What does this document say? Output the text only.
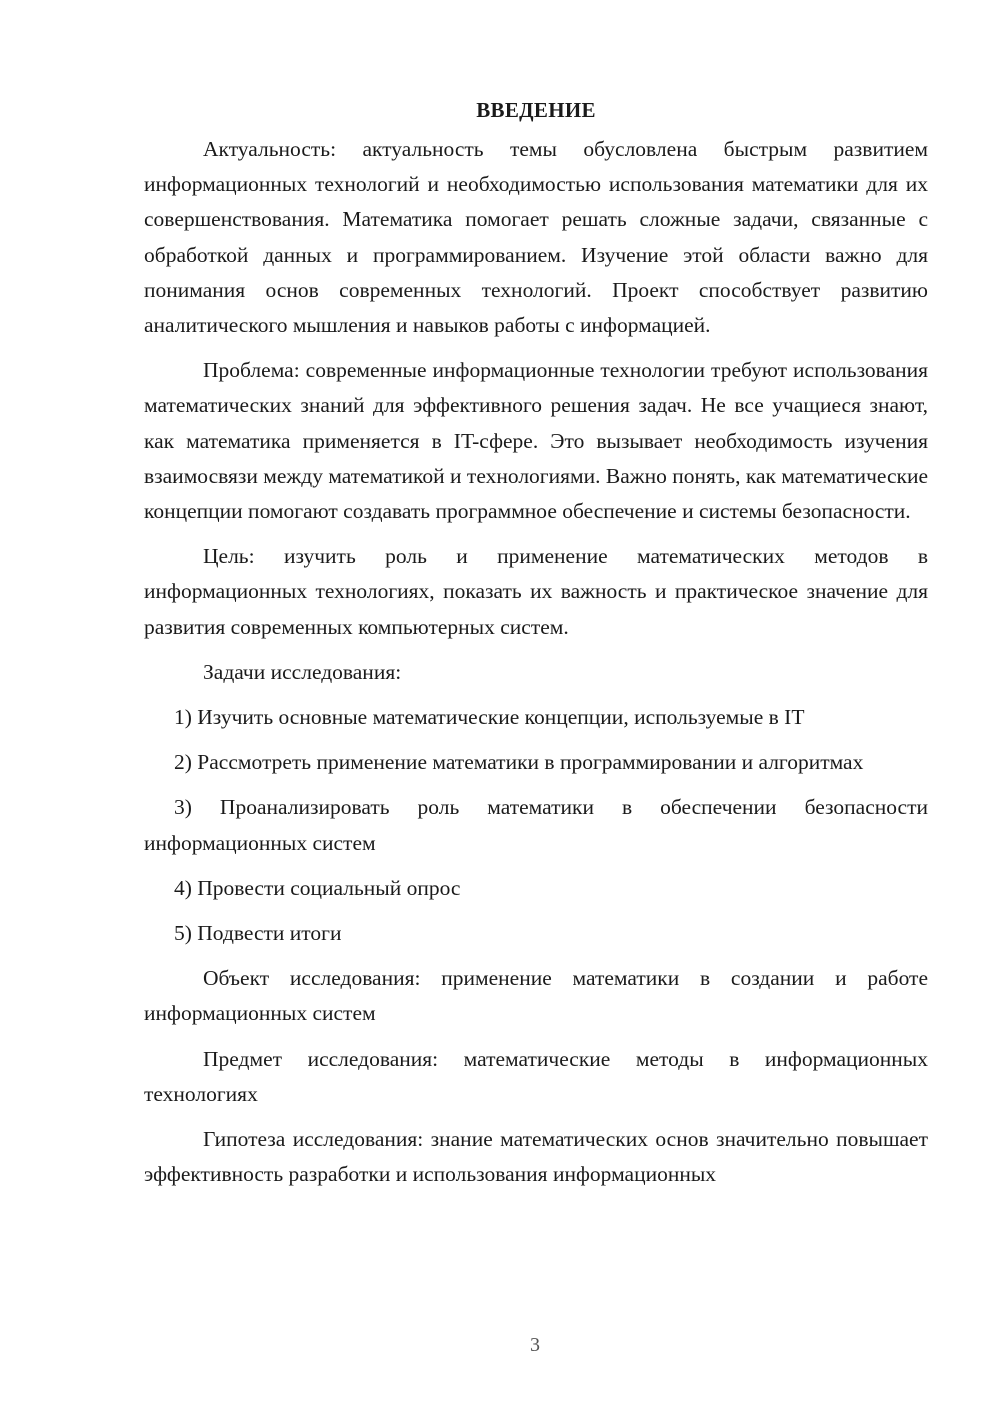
ВВЕДЕНИЕ

Актуальность: актуальность темы обусловлена быстрым развитием информационных технологий и необходимостью использования математики для их совершенствования. Математика помогает решать сложные задачи, связанные с обработкой данных и программированием. Изучение этой области важно для понимания основ современных технологий. Проект способствует развитию аналитического мышления и навыков работы с информацией.

Проблема: современные информационные технологии требуют использования математических знаний для эффективного решения задач. Не все учащиеся знают, как математика применяется в IT-сфере. Это вызывает необходимость изучения взаимосвязи между математикой и технологиями. Важно понять, как математические концепции помогают создавать программное обеспечение и системы безопасности.

Цель: изучить роль и применение математических методов в информационных технологиях, показать их важность и практическое значение для развития современных компьютерных систем.

Задачи исследования:

1) Изучить основные математические концепции, используемые в IT

2) Рассмотреть применение математики в программировании и алгоритмах

3) Проанализировать роль математики в обеспечении безопасности информационных систем

4) Провести социальный опрос

5) Подвести итоги

Объект исследования: применение математики в создании и работе информационных систем

Предмет исследования: математические методы в информационных технологиях

Гипотеза исследования: знание математических основ значительно повышает эффективность разработки и использования информационных

3
